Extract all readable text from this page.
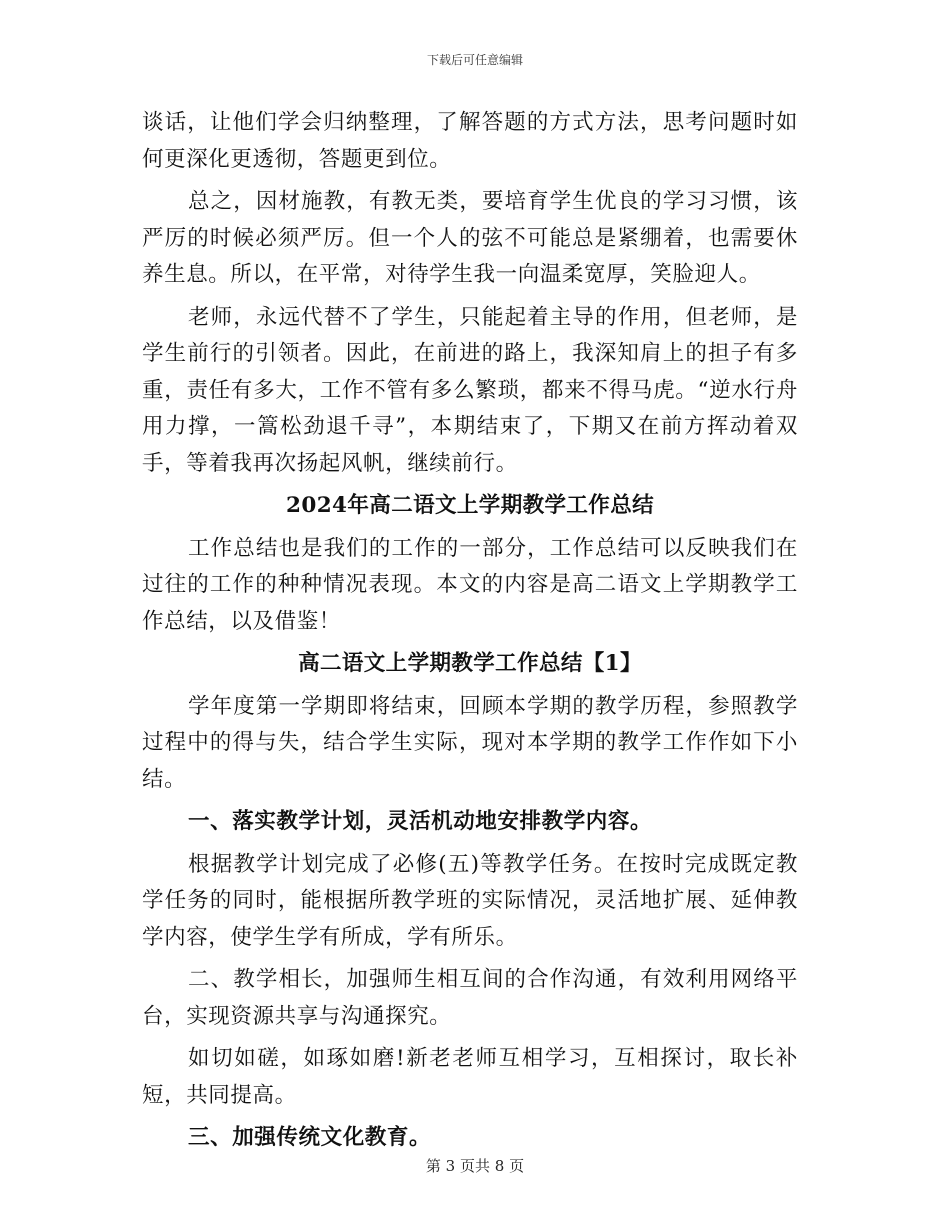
下载后可任意编辑

谈话，让他们学会归纳整理，了解答题的方式方法，思考问题时如何更深化更透彻，答题更到位。

总之，因材施教，有教无类，要培育学生优良的学习习惯，该严厉的时候必须严厉。但一个人的弦不可能总是紧绷着，也需要休养生息。所以，在平常，对待学生我一向温柔宽厚，笑脸迎人。

老师，永远代替不了学生，只能起着主导的作用，但老师，是学生前行的引领者。因此，在前进的路上，我深知肩上的担子有多重，责任有多大，工作不管有多么繁琐，都来不得马虎。“逆水行舟用力撑，一篙松劲退千寻”，本期结束了，下期又在前方挥动着双手，等着我再次扬起风帆，继续前行。

2024年高二语文上学期教学工作总结

工作总结也是我们的工作的一部分，工作总结可以反映我们在过往的工作的种种情况表现。本文的内容是高二语文上学期教学工作总结，以及借鉴！

高二语文上学期教学工作总结【1】

学年度第一学期即将结束，回顾本学期的教学历程，参照教学过程中的得与失，结合学生实际，现对本学期的教学工作作如下小结。

一、落实教学计划，灵活机动地安排教学内容。

根据教学计划完成了必修(五)等教学任务。在按时完成既定教学任务的同时，能根据所教学班的实际情况，灵活地扩展、延伸教学内容，使学生学有所成，学有所乐。

二、教学相长，加强师生相互间的合作沟通，有效利用网络平台，实现资源共享与沟通探究。

如切如磋，如琢如磨!新老老师互相学习，互相探讨，取长补短，共同提高。

三、加强传统文化教育。

第 3 页共 8 页
